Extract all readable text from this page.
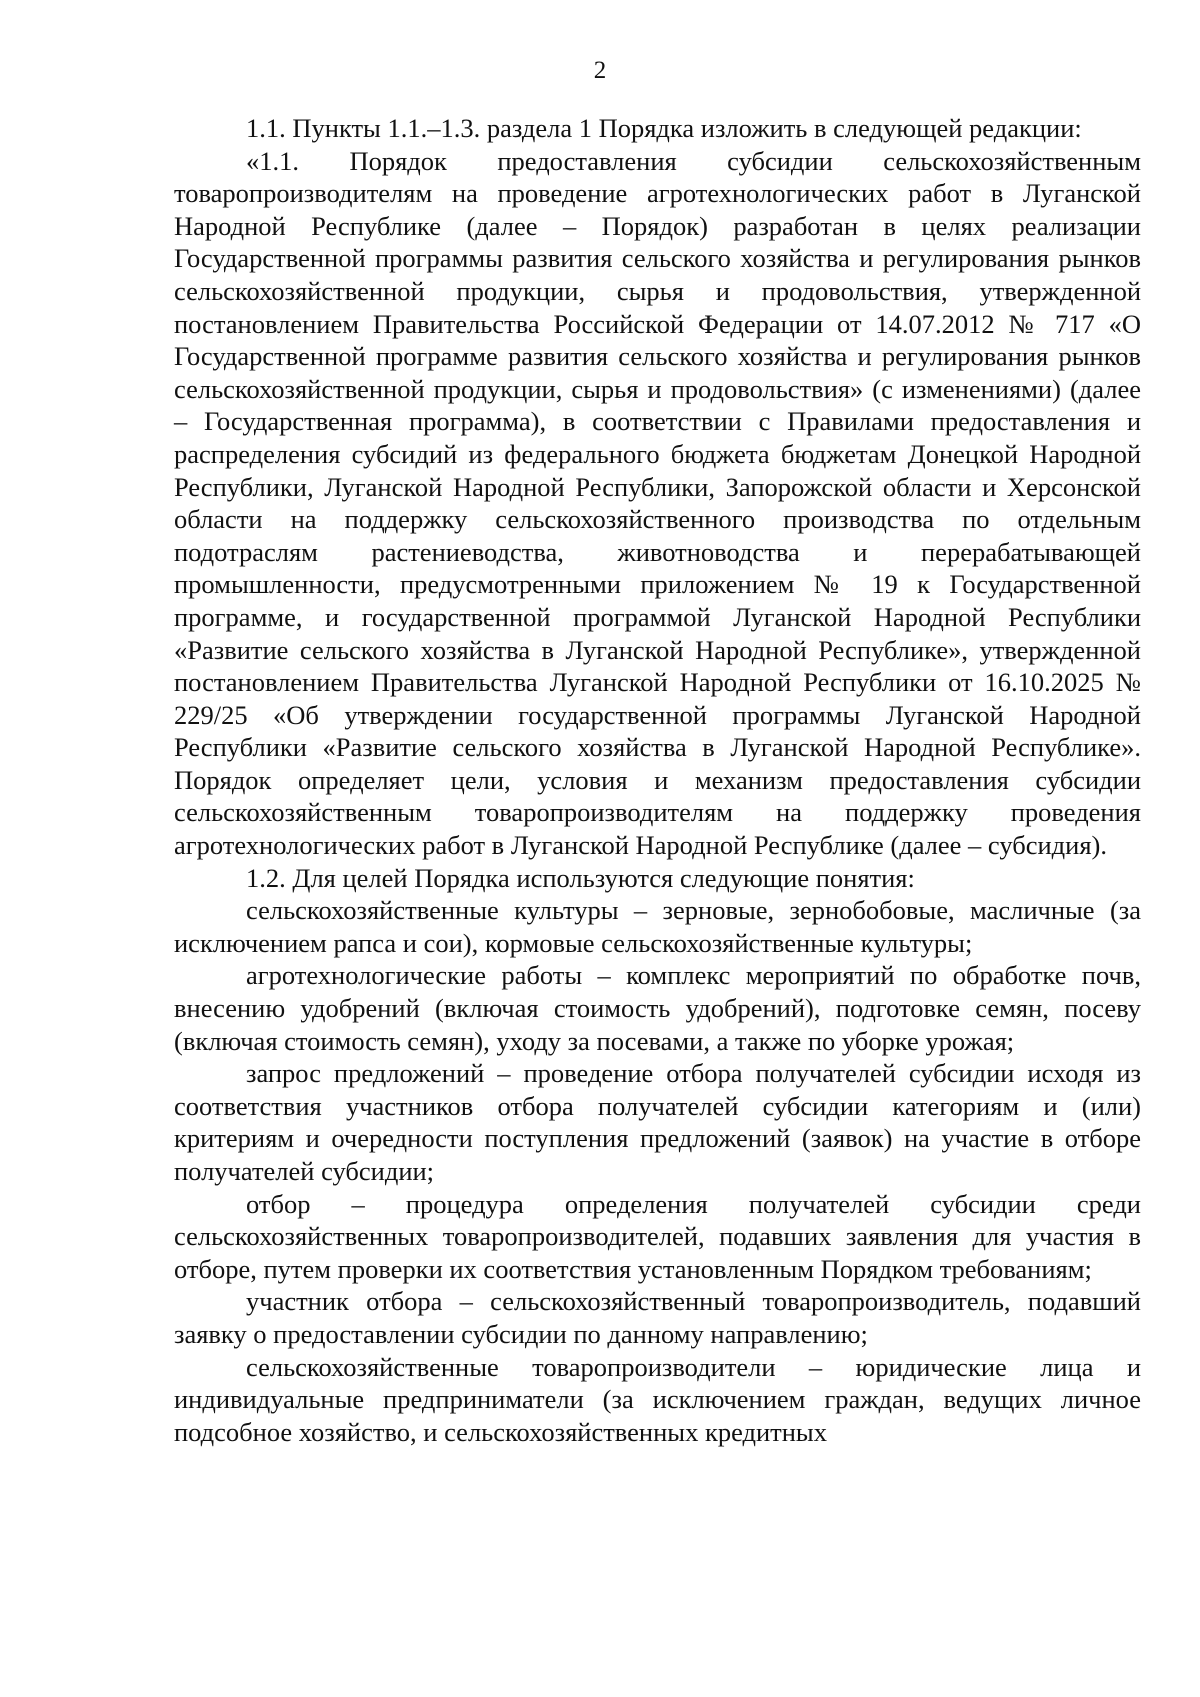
2

1.1. Пункты 1.1.–1.3. раздела 1 Порядка изложить в следующей редакции:

«1.1. Порядок предоставления субсидии сельскохозяйственным товаропроизводителям на проведение агротехнологических работ в Луганской Народной Республике (далее – Порядок) разработан в целях реализации Государственной программы развития сельского хозяйства и регулирования рынков сельскохозяйственной продукции, сырья и продовольствия, утвержденной постановлением Правительства Российской Федерации от 14.07.2012 № 717 «О Государственной программе развития сельского хозяйства и регулирования рынков сельскохозяйственной продукции, сырья и продовольствия» (с изменениями) (далее – Государственная программа), в соответствии с Правилами предоставления и распределения субсидий из федерального бюджета бюджетам Донецкой Народной Республики, Луганской Народной Республики, Запорожской области и Херсонской области на поддержку сельскохозяйственного производства по отдельным подотраслям растениеводства, животноводства и перерабатывающей промышленности, предусмотренными приложением № 19 к Государственной программе, и государственной программой Луганской Народной Республики «Развитие сельского хозяйства в Луганской Народной Республике», утвержденной постановлением Правительства Луганской Народной Республики от 16.10.2025 № 229/25 «Об утверждении государственной программы Луганской Народной Республики «Развитие сельского хозяйства в Луганской Народной Республике». Порядок определяет цели, условия и механизм предоставления субсидии сельскохозяйственным товаропроизводителям на поддержку проведения агротехнологических работ в Луганской Народной Республике (далее – субсидия).

1.2. Для целей Порядка используются следующие понятия:

сельскохозяйственные культуры – зерновые, зернобобовые, масличные (за исключением рапса и сои), кормовые сельскохозяйственные культуры;

агротехнологические работы – комплекс мероприятий по обработке почв, внесению удобрений (включая стоимость удобрений), подготовке семян, посеву (включая стоимость семян), уходу за посевами, а также по уборке урожая;

запрос предложений – проведение отбора получателей субсидии исходя из соответствия участников отбора получателей субсидии категориям и (или) критериям и очередности поступления предложений (заявок) на участие в отборе получателей субсидии;

отбор – процедура определения получателей субсидии среди сельскохозяйственных товаропроизводителей, подавших заявления для участия в отборе, путем проверки их соответствия установленным Порядком требованиям;

участник отбора – сельскохозяйственный товаропроизводитель, подавший заявку о предоставлении субсидии по данному направлению;

сельскохозяйственные товаропроизводители – юридические лица и индивидуальные предприниматели (за исключением граждан, ведущих личное подсобное хозяйство, и сельскохозяйственных кредитных
